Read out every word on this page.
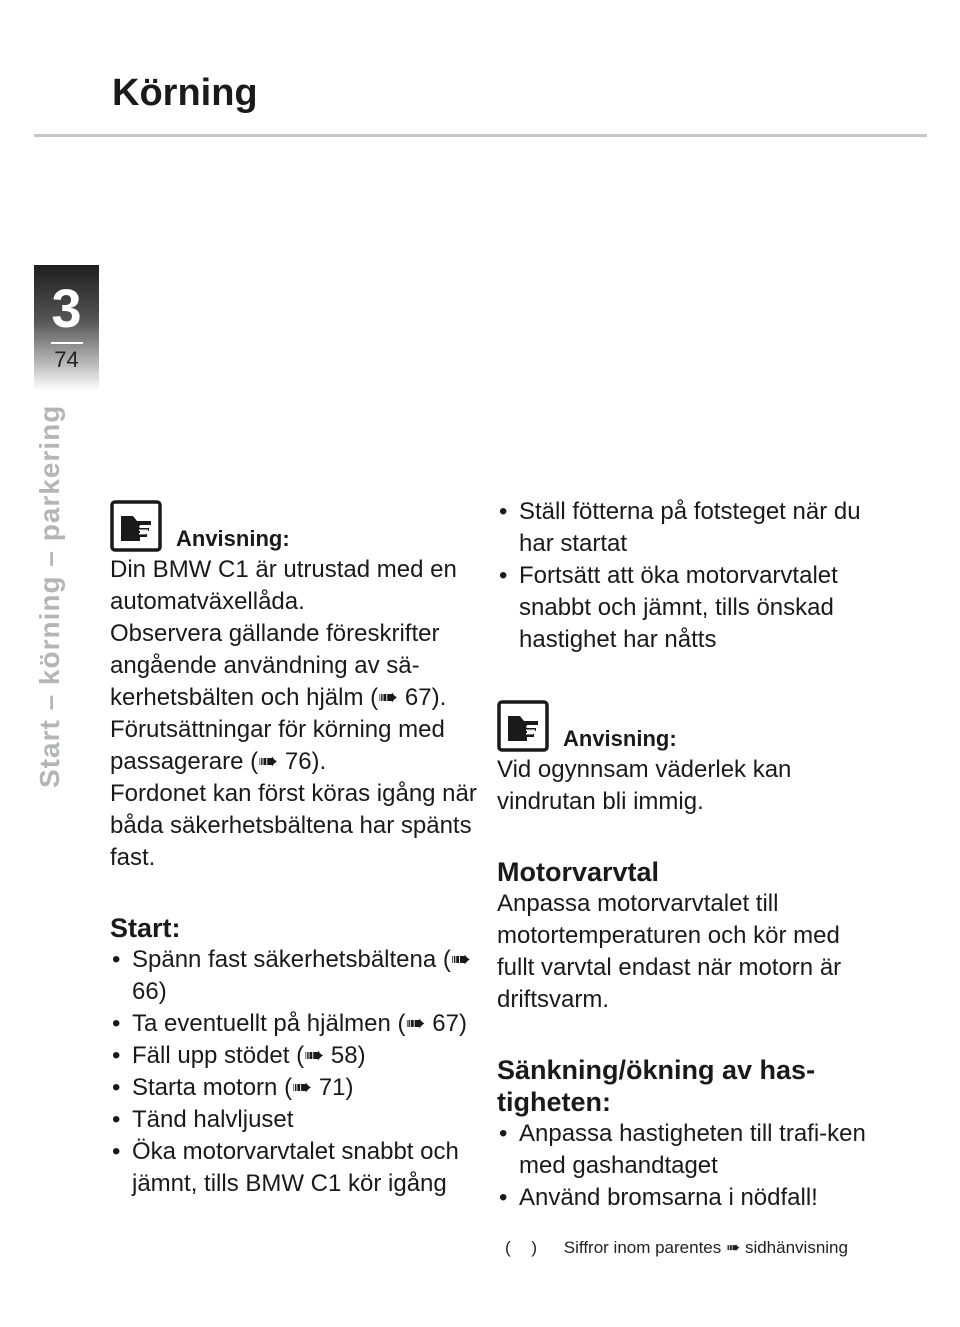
Körning
3
74
Start – körning – parkering	Anvisning:

Din BMW C1 är utrustad med en automatväxellåda.

Observera gällande föreskrifter angående användning av sä-kerhetsbälten och hjälm (➠ 67).

Förutsättningar för körning med passagerare (➠ 76).

Fordonet kan först köras igång när båda säkerhetsbältena har spänts fast.

Start:
• Spänn fast säkerhetsbältena (➠ 66)
• Ta eventuellt på hjälmen (➠ 67)
• Fäll upp stödet (➠ 58)
• Starta motorn (➠ 71)
• Tänd halvljuset
• Öka motorvarvtalet snabbt och jämnt, tills BMW C1 kör igång
• Ställ fötterna på fotsteget när du har startat
• Fortsätt att öka motorvarvtalet snabbt och jämnt, tills önskad hastighet har nåtts
Anvisning:

Vid ogynnsam väderlek kan vindrutan bli immig.

Motorvarvtal

Anpassa motorvarvtalet till motortemperaturen och kör med fullt varvtal endast när motorn är driftsvarm.

Sänkning/ökning av has-tigheten:
• Anpassa hastigheten till trafi-ken med gashandtaget
• Använd bromsarna i nödfall!
( ) Siffror inom parentes ➠ sidhänvisning
